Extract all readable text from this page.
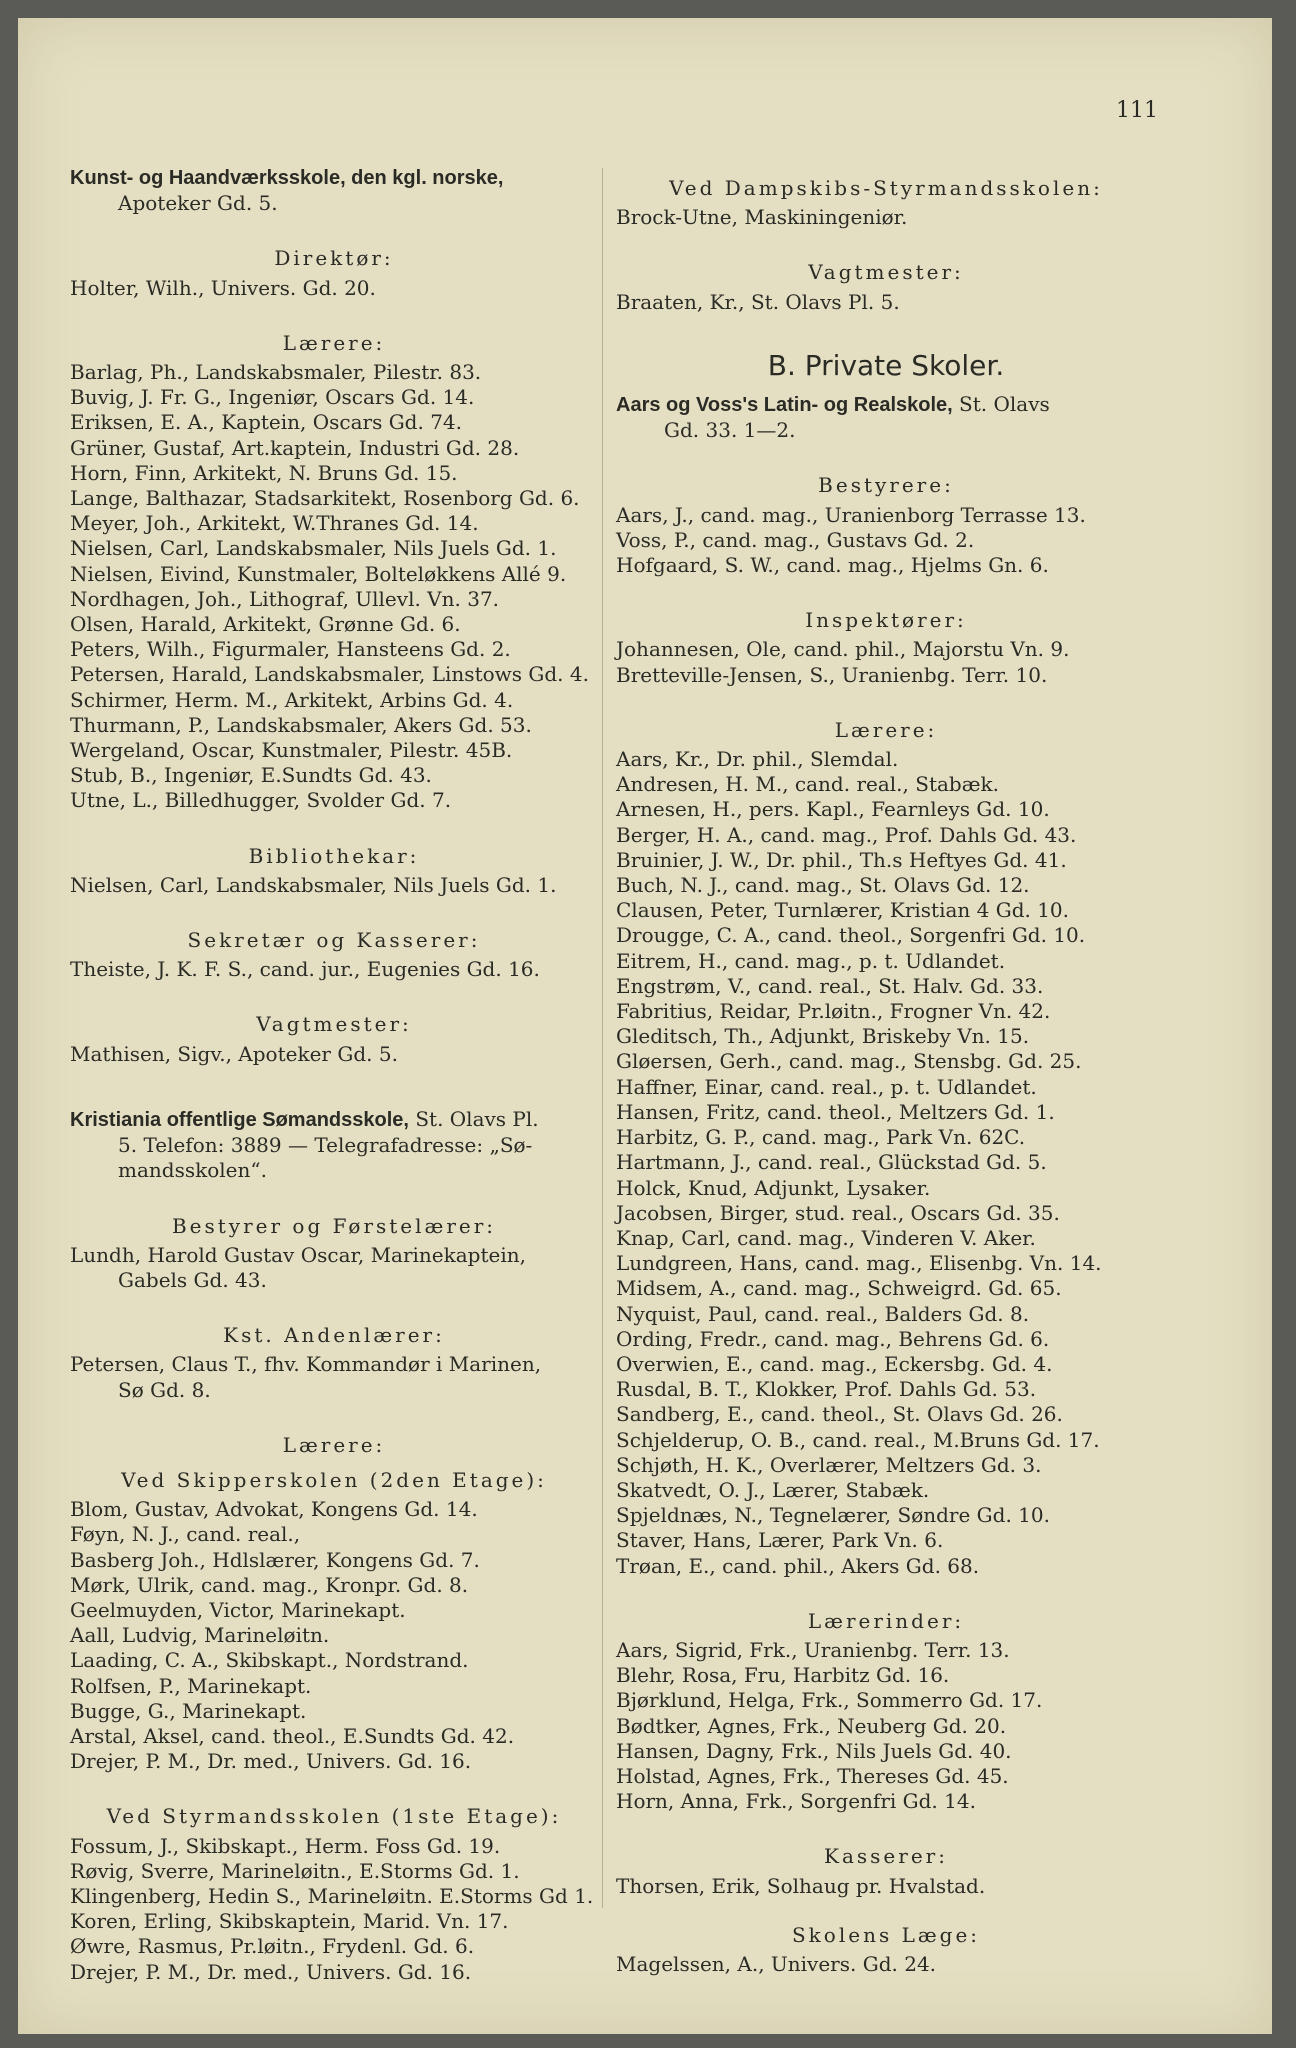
111
Kunst- og Haandværksskole, den kgl. norske,
Apoteker Gd. 5.
Direktør:
Holter, Wilh., Univers. Gd. 20.
Lærere:
Barlag, Ph., Landskabsmaler, Pilestr. 83.
Buvig, J. Fr. G., Ingeniør, Oscars Gd. 14.
Eriksen, E. A., Kaptein, Oscars Gd. 74.
Grüner, Gustaf, Art.kaptein, Industri Gd. 28.
Horn, Finn, Arkitekt, N. Bruns Gd. 15.
Lange, Balthazar, Stadsarkitekt, Rosenborg Gd. 6.
Meyer, Joh., Arkitekt, W.Thranes Gd. 14.
Nielsen, Carl, Landskabsmaler, Nils Juels Gd. 1.
Nielsen, Eivind, Kunstmaler, Bolteløkkens Allé 9.
Nordhagen, Joh., Lithograf, Ullevl. Vn. 37.
Olsen, Harald, Arkitekt, Grønne Gd. 6.
Peters, Wilh., Figurmaler, Hansteens Gd. 2.
Petersen, Harald, Landskabsmaler, Linstows Gd. 4.
Schirmer, Herm. M., Arkitekt, Arbins Gd. 4.
Thurmann, P., Landskabsmaler, Akers Gd. 53.
Wergeland, Oscar, Kunstmaler, Pilestr. 45B.
Stub, B., Ingeniør, E.Sundts Gd. 43.
Utne, L., Billedhugger, Svolder Gd. 7.
Bibliothekar:
Nielsen, Carl, Landskabsmaler, Nils Juels Gd. 1.
Sekretær og Kasserer:
Theiste, J. K. F. S., cand. jur., Eugenies Gd. 16.
Vagtmester:
Mathisen, Sigv., Apoteker Gd. 5.
Kristiania offentlige Sømandsskole, St. Olavs Pl.
5. Telefon: 3889 — Telegrafadresse: „Sø-
mandsskolen“.
Bestyrer og Førstelærer:
Lundh, Harold Gustav Oscar, Marinekaptein,
Gabels Gd. 43.
Kst. Andenlærer:
Petersen, Claus T., fhv. Kommandør i Marinen,
Sø Gd. 8.
Lærere:
Ved Skipperskolen (2den Etage):
Blom, Gustav, Advokat, Kongens Gd. 14.
Føyn, N. J., cand. real.,
Basberg Joh., Hdlslærer, Kongens Gd. 7.
Mørk, Ulrik, cand. mag., Kronpr. Gd. 8.
Geelmuyden, Victor, Marinekapt.
Aall, Ludvig, Marineløitn.
Laading, C. A., Skibskapt., Nordstrand.
Rolfsen, P., Marinekapt.
Bugge, G., Marinekapt.
Arstal, Aksel, cand. theol., E.Sundts Gd. 42.
Drejer, P. M., Dr. med., Univers. Gd. 16.
Ved Styrmandsskolen (1ste Etage):
Fossum, J., Skibskapt., Herm. Foss Gd. 19.
Røvig, Sverre, Marineløitn., E.Storms Gd. 1.
Klingenberg, Hedin S., Marineløitn. E.Storms Gd 1.
Koren, Erling, Skibskaptein, Marid. Vn. 17.
Øwre, Rasmus, Pr.løitn., Frydenl. Gd. 6.
Drejer, P. M., Dr. med., Univers. Gd. 16.
Ved Dampskibs-Styrmandsskolen:
Brock-Utne, Maskiningeniør.
Vagtmester:
Braaten, Kr., St. Olavs Pl. 5.
B. Private Skoler.
Aars og Voss's Latin- og Realskole, St. Olavs
Gd. 33. 1—2.
Bestyrere:
Aars, J., cand. mag., Uranienborg Terrasse 13.
Voss, P., cand. mag., Gustavs Gd. 2.
Hofgaard, S. W., cand. mag., Hjelms Gn. 6.
Inspektører:
Johannesen, Ole, cand. phil., Majorstu Vn. 9.
Bretteville-Jensen, S., Uranienbg. Terr. 10.
Lærere:
Aars, Kr., Dr. phil., Slemdal.
Andresen, H. M., cand. real., Stabæk.
Arnesen, H., pers. Kapl., Fearnleys Gd. 10.
Berger, H. A., cand. mag., Prof. Dahls Gd. 43.
Bruinier, J. W., Dr. phil., Th.s Heftyes Gd. 41.
Buch, N. J., cand. mag., St. Olavs Gd. 12.
Clausen, Peter, Turnlærer, Kristian 4 Gd. 10.
Drougge, C. A., cand. theol., Sorgenfri Gd. 10.
Eitrem, H., cand. mag., p. t. Udlandet.
Engstrøm, V., cand. real., St. Halv. Gd. 33.
Fabritius, Reidar, Pr.løitn., Frogner Vn. 42.
Gleditsch, Th., Adjunkt, Briskeby Vn. 15.
Gløersen, Gerh., cand. mag., Stensbg. Gd. 25.
Haffner, Einar, cand. real., p. t. Udlandet.
Hansen, Fritz, cand. theol., Meltzers Gd. 1.
Harbitz, G. P., cand. mag., Park Vn. 62C.
Hartmann, J., cand. real., Glückstad Gd. 5.
Holck, Knud, Adjunkt, Lysaker.
Jacobsen, Birger, stud. real., Oscars Gd. 35.
Knap, Carl, cand. mag., Vinderen V. Aker.
Lundgreen, Hans, cand. mag., Elisenbg. Vn. 14.
Midsem, A., cand. mag., Schweigrd. Gd. 65.
Nyquist, Paul, cand. real., Balders Gd. 8.
Ording, Fredr., cand. mag., Behrens Gd. 6.
Overwien, E., cand. mag., Eckersbg. Gd. 4.
Rusdal, B. T., Klokker, Prof. Dahls Gd. 53.
Sandberg, E., cand. theol., St. Olavs Gd. 26.
Schjelderup, O. B., cand. real., M.Bruns Gd. 17.
Schjøth, H. K., Overlærer, Meltzers Gd. 3.
Skatvedt, O. J., Lærer, Stabæk.
Spjeldnæs, N., Tegnelærer, Søndre Gd. 10.
Staver, Hans, Lærer, Park Vn. 6.
Trøan, E., cand. phil., Akers Gd. 68.
Lærerinder:
Aars, Sigrid, Frk., Uranienbg. Terr. 13.
Blehr, Rosa, Fru, Harbitz Gd. 16.
Bjørklund, Helga, Frk., Sommerro Gd. 17.
Bødtker, Agnes, Frk., Neuberg Gd. 20.
Hansen, Dagny, Frk., Nils Juels Gd. 40.
Holstad, Agnes, Frk., Thereses Gd. 45.
Horn, Anna, Frk., Sorgenfri Gd. 14.
Kasserer:
Thorsen, Erik, Solhaug pr. Hvalstad.
Skolens Læge:
Magelssen, A., Univers. Gd. 24.
